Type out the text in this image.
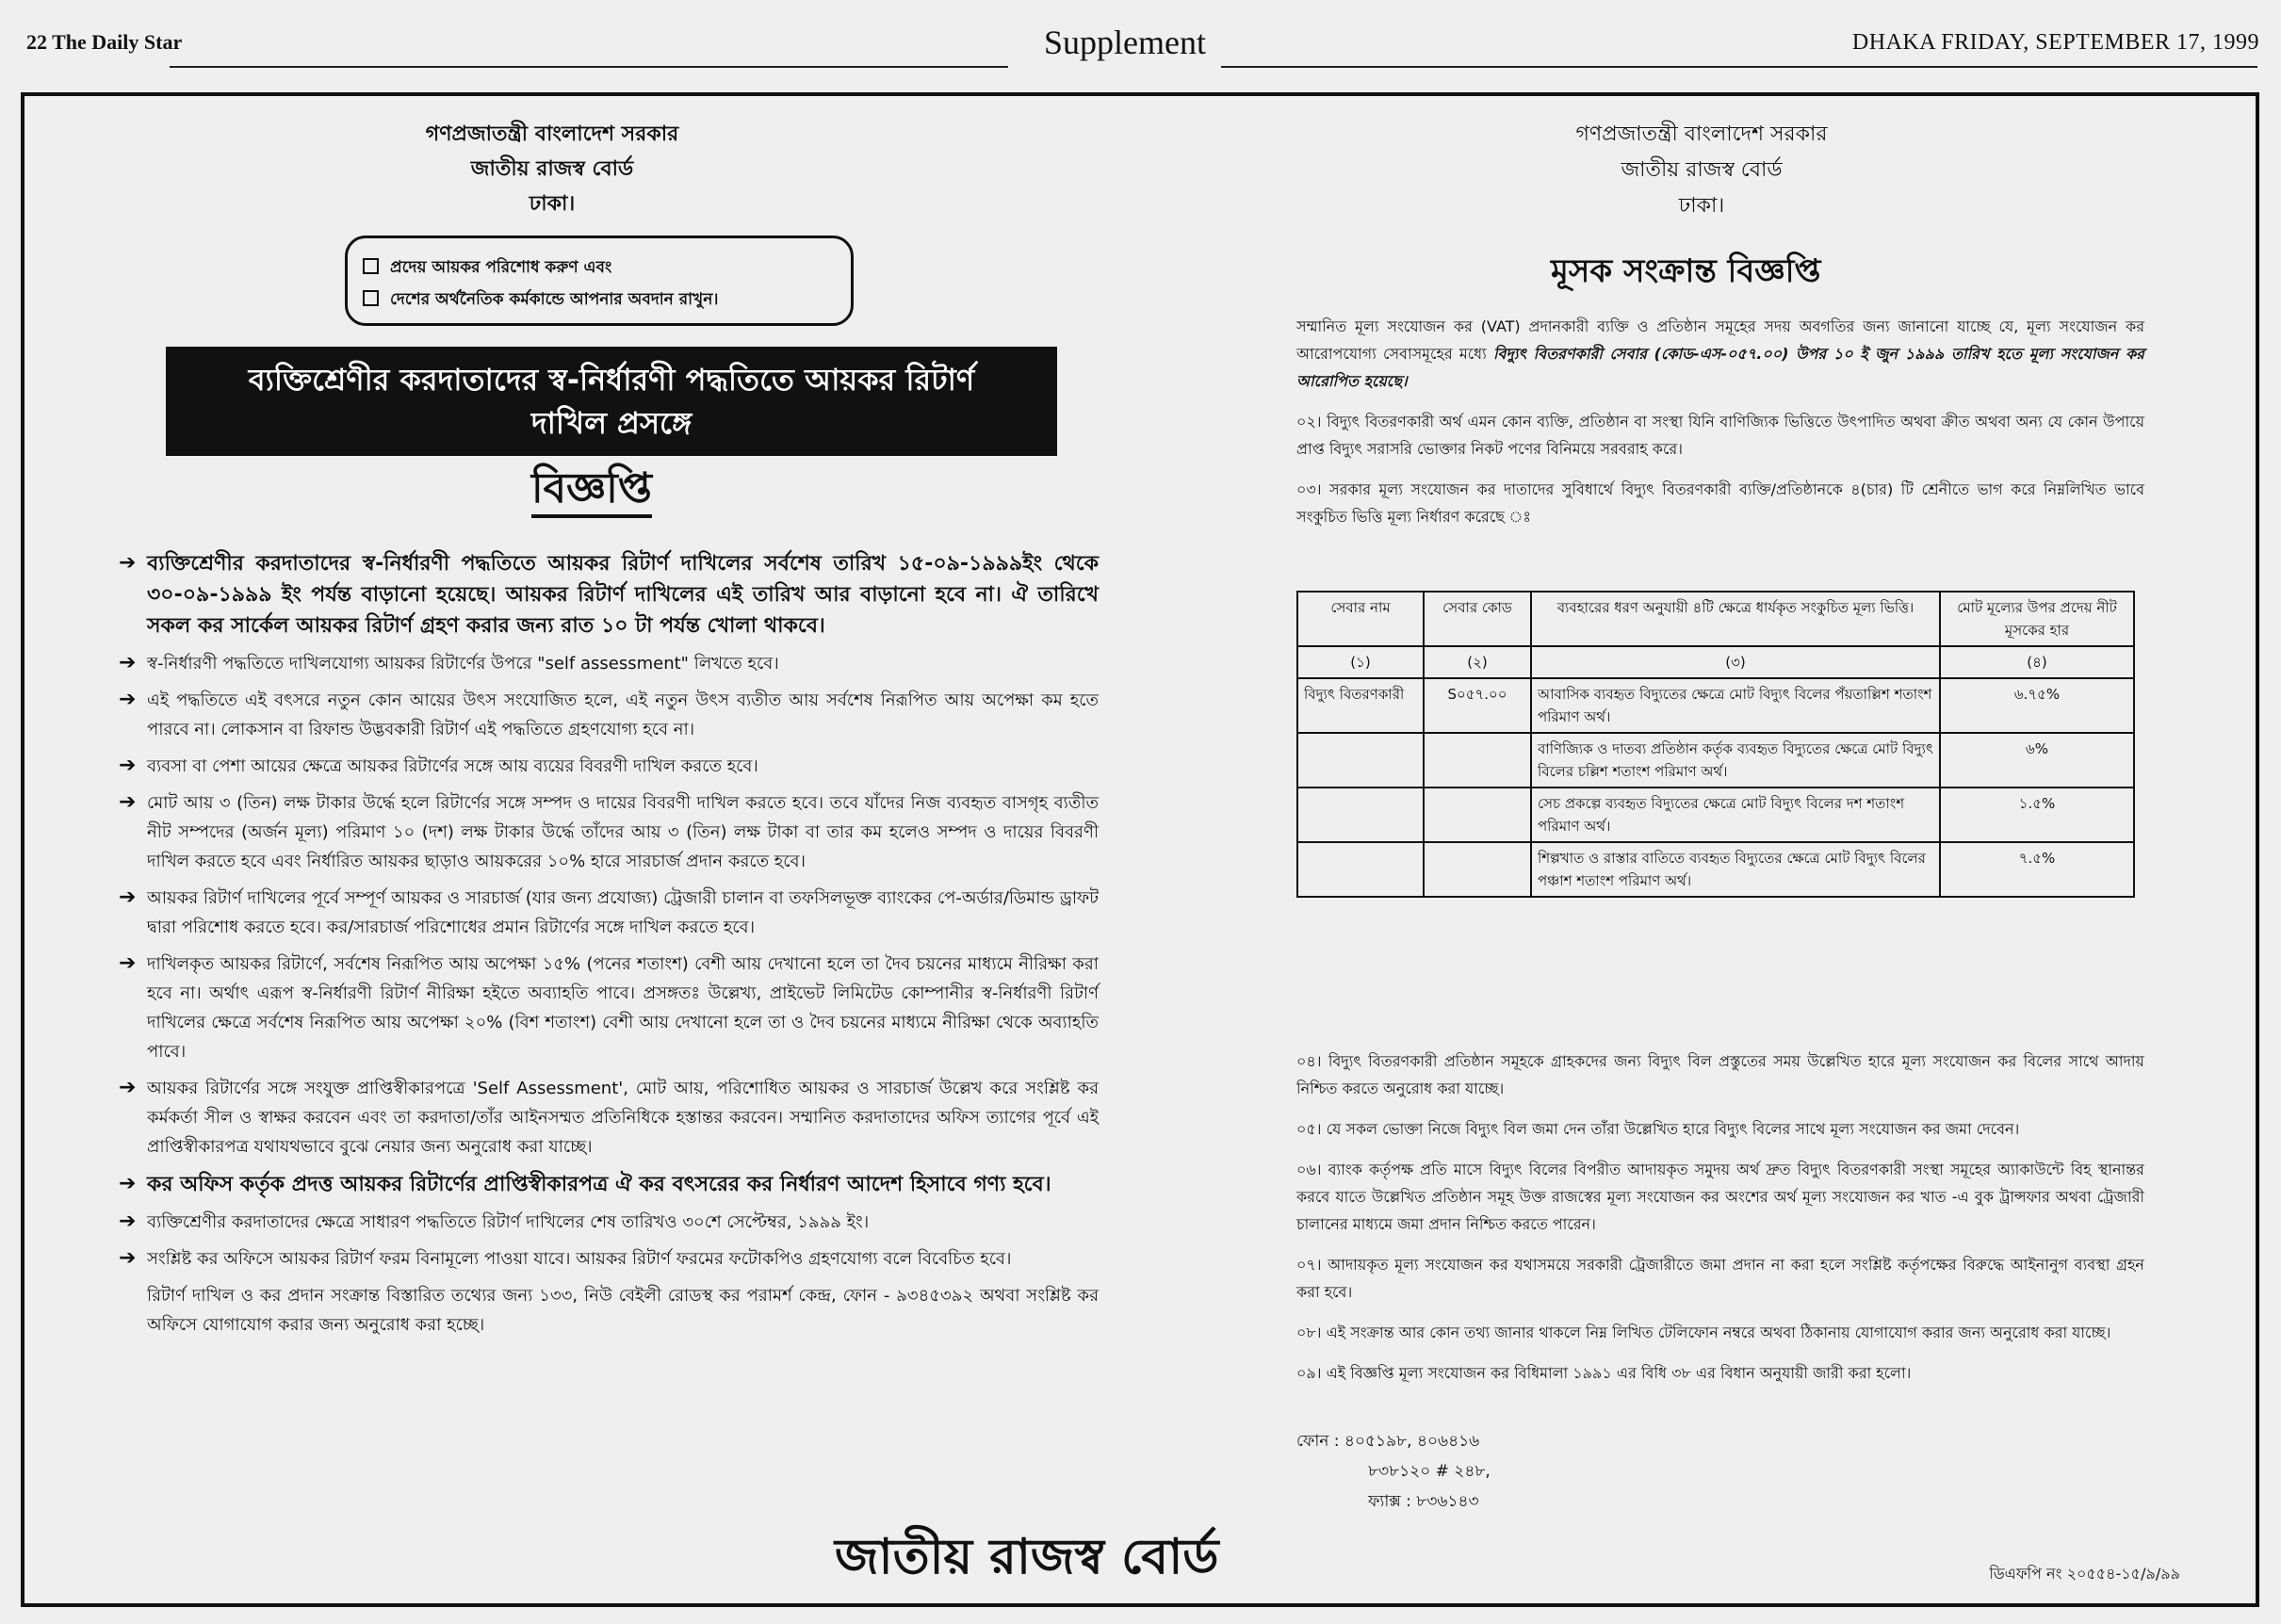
22 The Daily Star	Supplement	DHAKA FRIDAY, SEPTEMBER 17, 1999
গণপ্রজাতন্ত্রী বাংলাদেশ সরকার
জাতীয় রাজস্ব বোর্ড
ঢাকা।
প্রদেয় আয়কর পরিশোধ করুণ এবং
দেশের অর্থনৈতিক কর্মকান্ডে আপনার অবদান রাখুন।
ব্যক্তিশ্রেণীর করদাতাদের স্ব-নির্ধারণী পদ্ধতিতে আয়কর রিটার্ণ
দাখিল প্রসঙ্গে
বিজ্ঞপ্তি
➔ ব্যক্তিশ্রেণীর করদাতাদের স্ব-নির্ধারণী পদ্ধতিতে আয়কর রিটার্ণ দাখিলের সর্বশেষ তারিখ ১৫-০৯-১৯৯৯ইং থেকে ৩০-০৯-১৯৯৯ ইং পর্যন্ত বাড়ানো হয়েছে। আয়কর রিটার্ণ দাখিলের এই তারিখ আর বাড়ানো হবে না। ঐ তারিখে সকল কর সার্কেল আয়কর রিটার্ণ গ্রহণ করার জন্য রাত ১০ টা পর্যন্ত খোলা থাকবে।
➔ স্ব-নির্ধারণী পদ্ধতিতে দাখিলযোগ্য আয়কর রিটার্ণের উপরে "self assessment" লিখতে হবে।
➔ এই পদ্ধতিতে এই বৎসরে নতুন কোন আয়ের উৎস সংযোজিত হলে, এই নতুন উৎস ব্যতীত আয় সর্বশেষ নিরূপিত আয় অপেক্ষা কম হতে পারবে না। লোকসান বা রিফান্ড উদ্ভবকারী রিটার্ণ এই পদ্ধতিতে গ্রহণযোগ্য হবে না।
➔ ব্যবসা বা পেশা আয়ের ক্ষেত্রে আয়কর রিটার্ণের সঙ্গে আয় ব্যয়ের বিবরণী দাখিল করতে হবে।
➔ মোট আয় ৩ (তিন) লক্ষ টাকার উর্দ্ধে হলে রিটার্ণের সঙ্গে সম্পদ ও দায়ের বিবরণী দাখিল করতে হবে। তবে যাঁদের নিজ ব্যবহৃত বাসগৃহ ব্যতীত নীট সম্পদের (অর্জন মূল্য) পরিমাণ ১০ (দশ) লক্ষ টাকার উর্দ্ধে তাঁদের আয় ৩ (তিন) লক্ষ টাকা বা তার কম হলেও সম্পদ ও দায়ের বিবরণী দাখিল করতে হবে এবং নির্ধারিত আয়কর ছাড়াও আয়করের ১০% হারে সারচার্জ প্রদান করতে হবে।
➔ আয়কর রিটার্ণ দাখিলের পূর্বে সম্পূর্ণ আয়কর ও সারচার্জ (যার জন্য প্রযোজ্য) ট্রেজারী চালান বা তফসিলভূক্ত ব্যাংকের পে-অর্ডার/ডিমান্ড ড্রাফট দ্বারা পরিশোধ করতে হবে। কর/সারচার্জ পরিশোধের প্রমান রিটার্ণের সঙ্গে দাখিল করতে হবে।
➔ দাখিলকৃত আয়কর রিটার্ণে, সর্বশেষ নিরূপিত আয় অপেক্ষা ১৫% (পনের শতাংশ) বেশী আয় দেখানো হলে তা দৈব চয়নের মাধ্যমে নীরিক্ষা করা হবে না। অর্থাৎ এরূপ স্ব-নির্ধারণী রিটার্ণ নীরিক্ষা হইতে অব্যাহতি পাবে। প্রসঙ্গতঃ উল্লেখ্য, প্রাইভেট লিমিটেড কোম্পানীর স্ব-নির্ধারণী রিটার্ণ দাখিলের ক্ষেত্রে সর্বশেষ নিরূপিত আয় অপেক্ষা ২০% (বিশ শতাংশ) বেশী আয় দেখানো হলে তা ও দৈব চয়নের মাধ্যমে নীরিক্ষা থেকে অব্যাহতি পাবে।
➔ আয়কর রিটার্ণের সঙ্গে সংযুক্ত প্রাপ্তিস্বীকারপত্রে 'Self Assessment', মোট আয়, পরিশোধিত আয়কর ও সারচার্জ উল্লেখ করে সংশ্লিষ্ট কর কর্মকর্তা সীল ও স্বাক্ষর করবেন এবং তা করদাতা/তাঁর আইনসম্মত প্রতিনিধিকে হস্তান্তর করবেন। সম্মানিত করদাতাদের অফিস ত্যাগের পূর্বে এই প্রাপ্তিস্বীকারপত্র যথাযথভাবে বুঝে নেয়ার জন্য অনুরোধ করা যাচ্ছে।
➔ কর অফিস কর্তৃক প্রদত্ত আয়কর রিটার্ণের প্রাপ্তিস্বীকারপত্র ঐ কর বৎসরের কর নির্ধারণ আদেশ হিসাবে গণ্য হবে।
➔ ব্যক্তিশ্রেণীর করদাতাদের ক্ষেত্রে সাধারণ পদ্ধতিতে রিটার্ণ দাখিলের শেষ তারিখও ৩০শে সেপ্টেম্বর, ১৯৯৯ ইং।
➔ সংশ্লিষ্ট কর অফিসে আয়কর রিটার্ণ ফরম বিনামূল্যে পাওয়া যাবে। আয়কর রিটার্ণ ফরমের ফটোকপিও গ্রহণযোগ্য বলে বিবেচিত হবে।
রিটার্ণ দাখিল ও কর প্রদান সংক্রান্ত বিস্তারিত তথ্যের জন্য ১৩৩, নিউ বেইলী রোডস্থ কর পরামর্শ কেন্দ্র, ফোন - ৯৩৪৫৩৯২ অথবা সংশ্লিষ্ট কর অফিসে যোগাযোগ করার জন্য অনুরোধ করা হচ্ছে।
গণপ্রজাতন্ত্রী বাংলাদেশ সরকার
জাতীয় রাজস্ব বোর্ড
ঢাকা।
মূসক সংক্রান্ত বিজ্ঞপ্তি

সম্মানিত মূল্য সংযোজন কর (VAT) প্রদানকারী ব্যক্তি ও প্রতিষ্ঠান সমূহের সদয় অবগতির জন্য জানানো যাচ্ছে যে, মূল্য সংযোজন কর আরোপযোগ্য সেবাসমূহের মধ্যে বিদ্যুৎ বিতরণকারী সেবার (কোড-এস-০৫৭.০০) উপর ১০ ই জুন ১৯৯৯ তারিখ হতে মূল্য সংযোজন কর আরোপিত হয়েছে।

০২। বিদ্যুৎ বিতরণকারী অর্থ এমন কোন ব্যক্তি, প্রতিষ্ঠান বা সংস্থা যিনি বাণিজ্যিক ভিত্তিতে উৎপাদিত অথবা ক্রীত অথবা অন্য যে কোন উপায়ে প্রাপ্ত বিদ্যুৎ সরাসরি ভোক্তার নিকট পণের বিনিময়ে সরবরাহ করে।

০৩। সরকার মূল্য সংযোজন কর দাতাদের সুবিধার্থে বিদ্যুৎ বিতরণকারী ব্যক্তি/প্রতিষ্ঠানকে ৪(চার) টি শ্রেনীতে ভাগ করে নিম্নলিখিত ভাবে সংকুচিত ভিত্তি মূল্য নির্ধারণ করেছে ঃ

সেবার নাম	সেবার কোড	ব্যবহারের ধরণ অনুযায়ী ৪টি ক্ষেত্রে ধার্যকৃত সংকুচিত মূল্য ভিত্তি।	মোট মূল্যের উপর প্রদেয় নীট মূসকের হার
(১)	(২)	(৩)	(৪)
বিদ্যুৎ বিতরণকারী	S০৫৭.০০	আবাসিক ব্যবহৃত বিদ্যুতের ক্ষেত্রে মোট বিদ্যুৎ বিলের পঁয়তাল্লিশ শতাংশ পরিমাণ অর্থ।	৬.৭৫%
		বাণিজ্যিক ও দাতব্য প্রতিষ্ঠান কর্তৃক ব্যবহৃত বিদ্যুতের ক্ষেত্রে মোট বিদ্যুৎ বিলের চল্লিশ শতাংশ পরিমাণ অর্থ।	৬%
		সেচ প্রকল্পে ব্যবহৃত বিদ্যুতের ক্ষেত্রে মোট বিদ্যুৎ বিলের দশ শতাংশ পরিমাণ অর্থ।	১.৫%
		শিল্পখাত ও রাস্তার বাতিতে ব্যবহৃত বিদ্যুতের ক্ষেত্রে মোট বিদ্যুৎ বিলের পঞ্চাশ শতাংশ পরিমাণ অর্থ।	৭.৫%

০৪। বিদ্যুৎ বিতরণকারী প্রতিষ্ঠান সমূহকে গ্রাহকদের জন্য বিদ্যুৎ বিল প্রস্তুতের সময় উল্লেখিত হারে মূল্য সংযোজন কর বিলের সাথে আদায় নিশ্চিত করতে অনুরোধ করা যাচ্ছে।

০৫। যে সকল ভোক্তা নিজে বিদ্যুৎ বিল জমা দেন তাঁরা উল্লেখিত হারে বিদ্যুৎ বিলের সাথে মূল্য সংযোজন কর জমা দেবেন।

০৬। ব্যাংক কর্তৃপক্ষ প্রতি মাসে বিদ্যুৎ বিলের বিপরীত আদায়কৃত সমুদয় অর্থ দ্রুত বিদ্যুৎ বিতরণকারী সংস্থা সমূহের অ্যাকাউন্টে বিহ স্থানান্তর করবে যাতে উল্লেখিত প্রতিষ্ঠান সমূহ উক্ত রাজস্বের মূল্য সংযোজন কর অংশের অর্থ মূল্য সংযোজন কর খাত -এ বুক ট্রান্সফার অথবা ট্রেজারী চালানের মাধ্যমে জমা প্রদান নিশ্চিত করতে পারেন।

০৭। আদায়কৃত মূল্য সংযোজন কর যথাসময়ে সরকারী ট্রেজারীতে জমা প্রদান না করা হলে সংশ্লিষ্ট কর্তৃপক্ষের বিরুদ্ধে আইনানুগ ব্যবস্থা গ্রহন করা হবে।

০৮। এই সংক্রান্ত আর কোন তথ্য জানার থাকলে নিম্ন লিখিত টেলিফোন নম্বরে অথবা ঠিকানায় যোগাযোগ করার জন্য অনুরোধ করা যাচ্ছে।

০৯। এই বিজ্ঞপ্তি মূল্য সংযোজন কর বিধিমালা ১৯৯১ এর বিধি ৩৮ এর বিধান অনুযায়ী জারী করা হলো।

ফোন : ৪০৫১৯৮, ৪০৬৪১৬
৮৩৮১২০ # ২৪৮,
ফ্যাক্স : ৮৩৬১৪৩
জাতীয় রাজস্ব বোর্ড	ডিএফপি নং ২০৫৫৪-১৫/৯/৯৯
